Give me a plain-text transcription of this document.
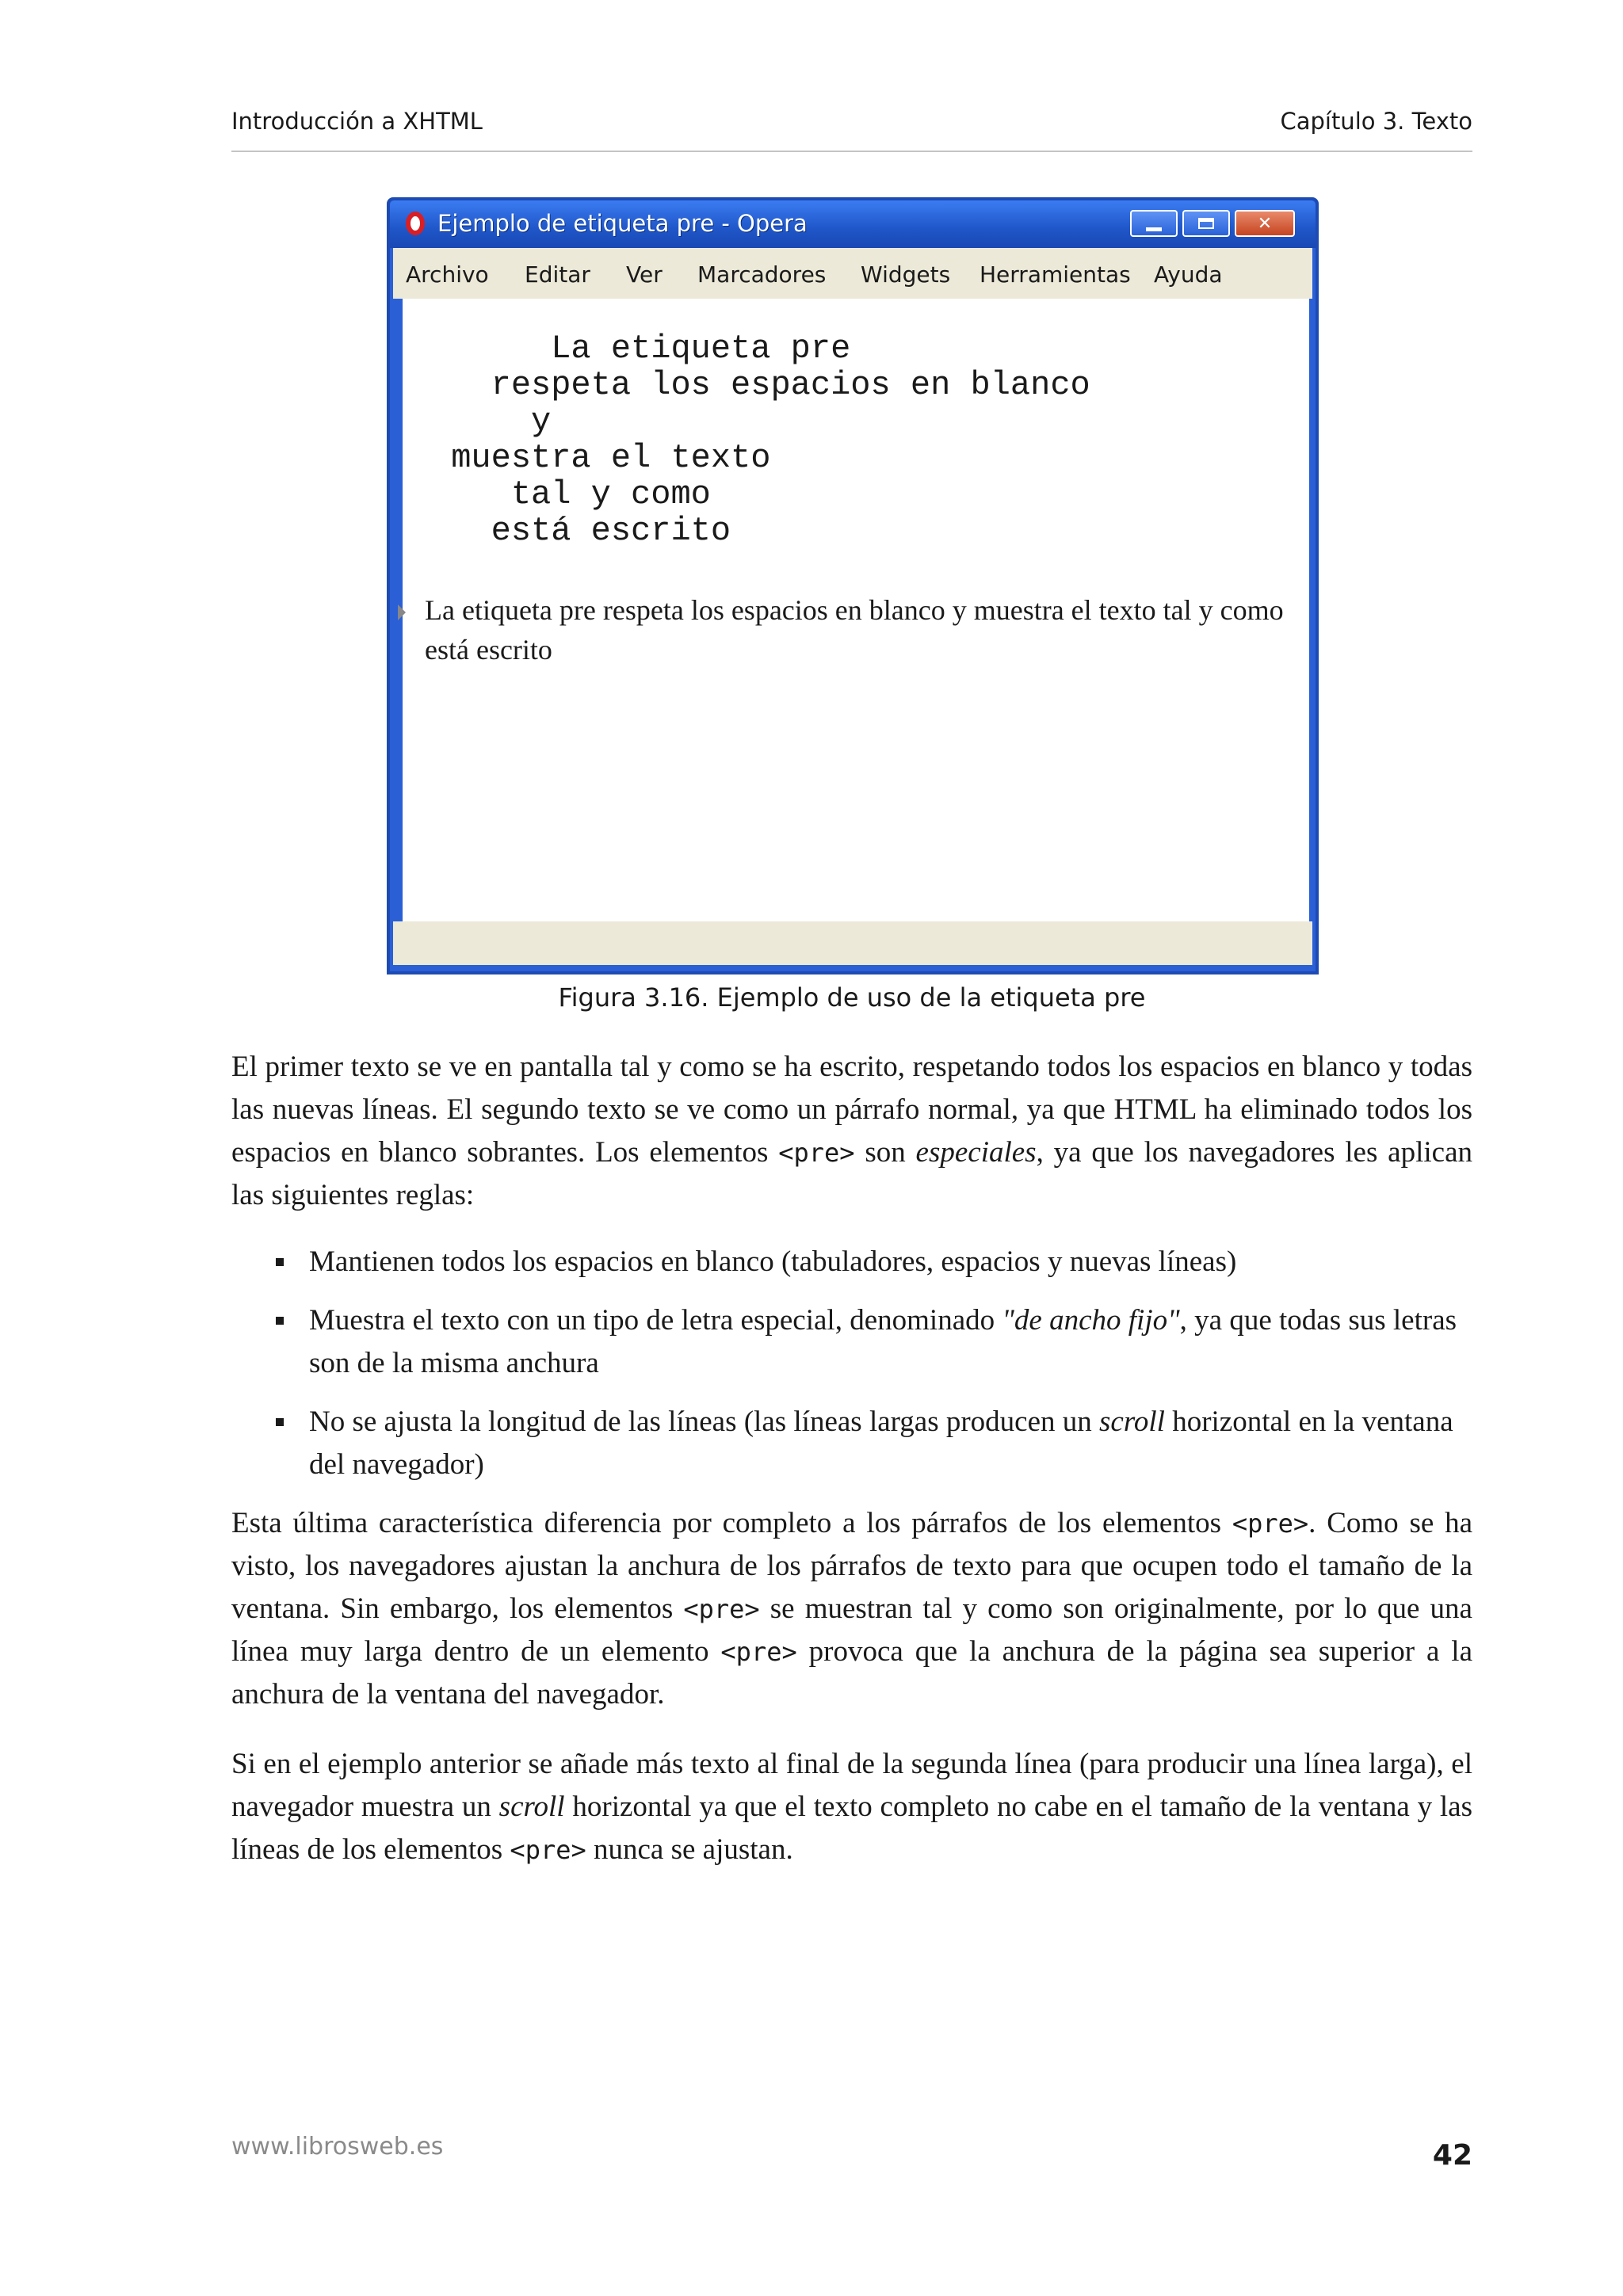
Introducción a XHTML	Capítulo 3. Texto
Ejemplo de etiqueta pre - Opera	✕
Archivo Editar Ver Marcadores Widgets Herramientas Ayuda
La etiqueta pre
respeta los espacios en blanco
y
muestra el texto
tal y como
está escrito
La etiqueta pre respeta los espacios en blanco y muestra el texto tal y como está escrito
Figura 3.16. Ejemplo de uso de la etiqueta pre
El primer texto se ve en pantalla tal y como se ha escrito, respetando todos los espacios en blanco y todas las nuevas líneas. El segundo texto se ve como un párrafo normal, ya que HTML ha eliminado todos los espacios en blanco sobrantes. Los elementos <pre> son especiales, ya que los navegadores les aplican las siguientes reglas:
Mantienen todos los espacios en blanco (tabuladores, espacios y nuevas líneas)
Muestra el texto con un tipo de letra especial, denominado "de ancho fijo", ya que todas sus letras son de la misma anchura
No se ajusta la longitud de las líneas (las líneas largas producen un scroll horizontal en la ventana del navegador)
Esta última característica diferencia por completo a los párrafos de los elementos <pre>. Como se ha visto, los navegadores ajustan la anchura de los párrafos de texto para que ocupen todo el tamaño de la ventana. Sin embargo, los elementos <pre> se muestran tal y como son originalmente, por lo que una línea muy larga dentro de un elemento <pre> provoca que la anchura de la página sea superior a la anchura de la ventana del navegador.
Si en el ejemplo anterior se añade más texto al final de la segunda línea (para producir una línea larga), el navegador muestra un scroll horizontal ya que el texto completo no cabe en el tamaño de la ventana y las líneas de los elementos <pre> nunca se ajustan.
www.librosweb.es	42
